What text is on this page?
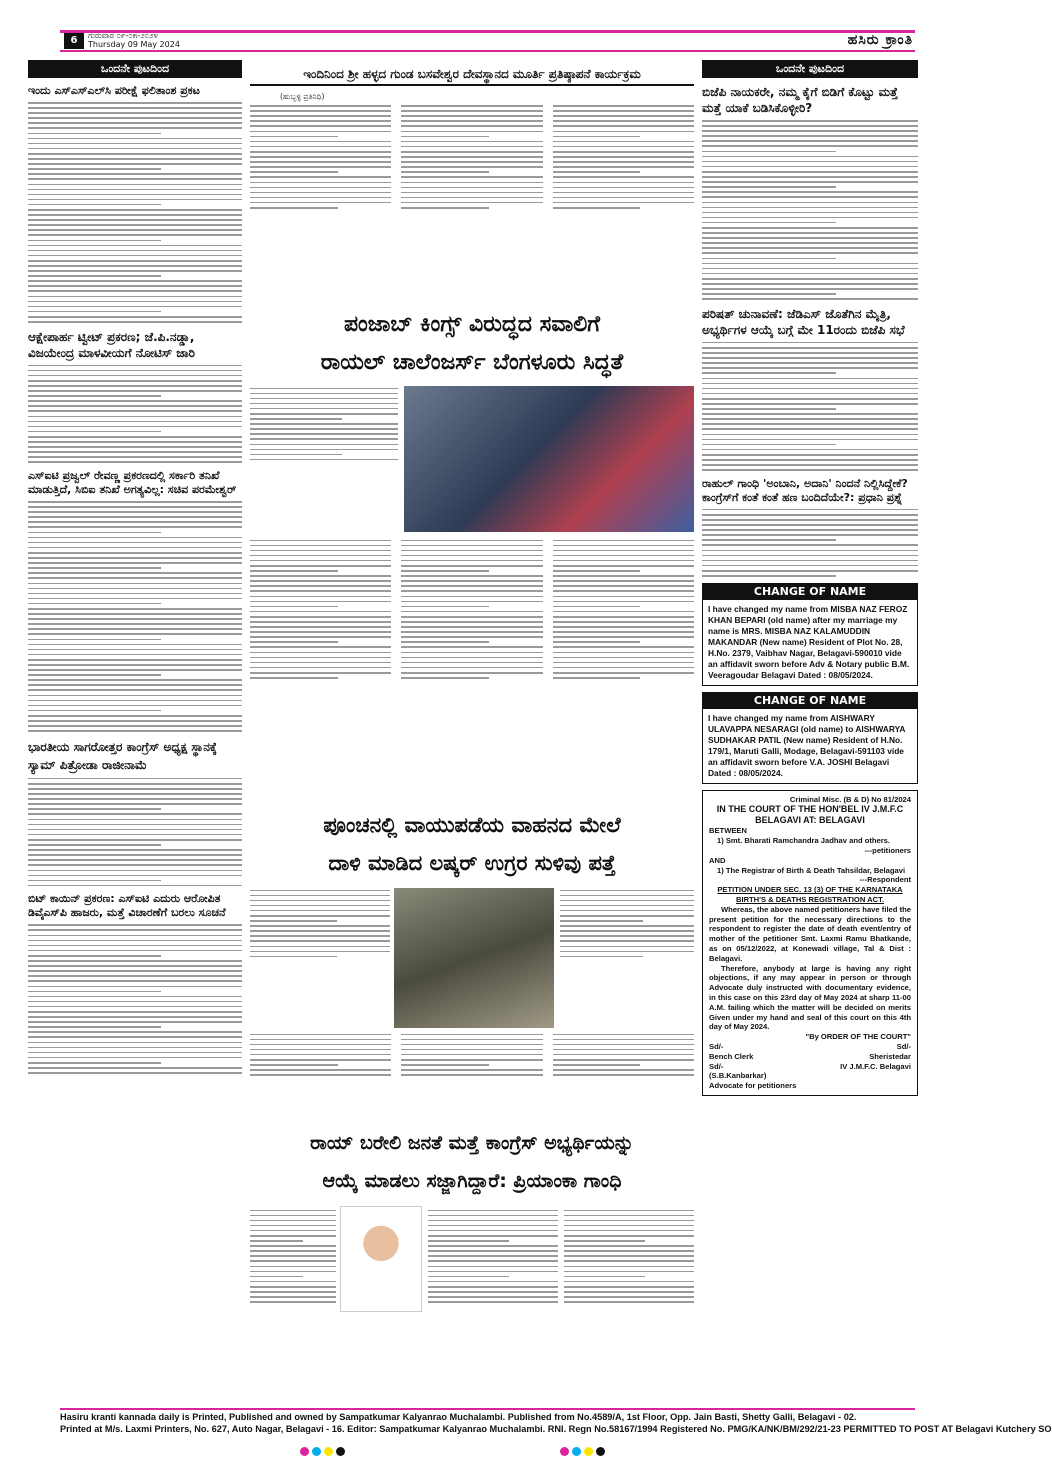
6	ಗುರುವಾರ ೦೯-೦೫-೨೦೨೪
Thursday 09 May 2024	ಹಸಿರು ಕ್ರಾಂತಿ
ಒಂದನೇ ಪುಟದಿಂದ
ಇಂದು ಎಸ್‌ಎಸ್‌ಎಲ್‌ಸಿ ಪರೀಕ್ಷೆ ಫಲಿತಾಂಶ ಪ್ರಕಟ
ಆಕ್ಷೇಪಾರ್ಹ ಟ್ವೀಟ್ ಪ್ರಕರಣ; ಜೆ.ಪಿ.ನಡ್ಡಾ, ವಿಜಯೇಂದ್ರ ಮಾಳವೀಯಗೆ ನೋಟಿಸ್ ಜಾರಿ
ಎಸ್‌ಐಟಿ ಪ್ರಜ್ವಲ್ ರೇವಣ್ಣ ಪ್ರಕರಣದಲ್ಲಿ ಸರ್ಕಾರಿ ತನಿಖೆ ಮಾಡುತ್ತಿದೆ, ಸಿಬಿಐ ತನಿಖೆ ಅಗತ್ಯವಿಲ್ಲ: ಸಚಿವ ಪರಮೇಶ್ವರ್
ಭಾರತೀಯ ಸಾಗರೋತ್ತರ ಕಾಂಗ್ರೆಸ್ ಅಧ್ಯಕ್ಷ ಸ್ಥಾನಕ್ಕೆ ಸ್ಯಾಮ್ ಪಿತ್ರೋಡಾ ರಾಜೀನಾಮೆ
ಬಿಟ್ ಕಾಯಿನ್ ಪ್ರಕರಣ: ಎಸ್‌ಐಟಿ ಎದುರು ಆರೋಪಿತ ಡಿವೈಎಸ್‌ಪಿ ಹಾಜರು, ಮತ್ತೆ ವಿಚಾರಣೆಗೆ ಬರಲು ಸೂಚನೆ
ಇಂದಿನಿಂದ ಶ್ರೀ ಹಳ್ಳದ ಗುಂಡ ಬಸವೇಶ್ವರ ದೇವಸ್ಥಾನದ ಮೂರ್ತಿ ಪ್ರತಿಷ್ಠಾಪನೆ ಕಾರ್ಯಕ್ರಮ
(ಹುಬ್ಬಳ್ಳಿ ಪ್ರತಿನಿಧಿ)
ಪಂಜಾಬ್ ಕಿಂಗ್ಸ್ ವಿರುದ್ಧದ ಸವಾಲಿಗೆ
ರಾಯಲ್ ಚಾಲೆಂಜರ್ಸ್ ಬೆಂಗಳೂರು ಸಿದ್ಧತೆ
ಪೂಂಚನಲ್ಲಿ ವಾಯುಪಡೆಯ ವಾಹನದ ಮೇಲೆ
ದಾಳಿ ಮಾಡಿದ ಲಷ್ಕರ್ ಉಗ್ರರ ಸುಳಿವು ಪತ್ತೆ
ರಾಯ್ ಬರೇಲಿ ಜನತೆ ಮತ್ತೆ ಕಾಂಗ್ರೆಸ್ ಅಭ್ಯರ್ಥಿಯನ್ನು
ಆಯ್ಕೆ ಮಾಡಲು ಸಜ್ಜಾಗಿದ್ದಾರೆ: ಪ್ರಿಯಾಂಕಾ ಗಾಂಧಿ
ಒಂದನೇ ಪುಟದಿಂದ
ಬಿಜೆಪಿ ನಾಯಕರೇ, ನಮ್ಮ ಕೈಗೆ ಬಿಡಿಗೆ ಕೊಟ್ಟು ಮತ್ತೆ ಮತ್ತೆ ಯಾಕೆ ಬಡಿಸಿಕೊಳ್ಳೀರಿ?
ಪರಿಷತ್ ಚುನಾವಣೆ: ಜೆಡಿಎಸ್ ಜೊತೆಗಿನ ಮೈತ್ರಿ, ಅಭ್ಯರ್ಥಿಗಳ ಆಯ್ಕೆ ಬಗ್ಗೆ ಮೇ 11ರಂದು ಬಿಜೆಪಿ ಸಭೆ
ರಾಹುಲ್ ಗಾಂಧಿ 'ಅಂಬಾನಿ, ಅದಾನಿ' ನಿಂದನೆ ನಿಲ್ಲಿಸಿದ್ದೇಕೆ? ಕಾಂಗ್ರೆಸ್‌ಗೆ ಕಂತೆ ಕಂತೆ ಹಣ ಬಂದಿದೆಯೇ?: ಪ್ರಧಾನಿ ಪ್ರಶ್ನೆ
CHANGE OF NAME
I have changed my name from MISBA NAZ FEROZ KHAN BEPARI (old name) after my marriage my name is MRS. MISBA NAZ KALAMUDDIN MAKANDAR (New name) Resident of Plot No. 28, H.No. 2379, Vaibhav Nagar, Belagavi-590010 vide an affidavit sworn before Adv & Notary public B.M. Veeragoudar Belagavi Dated : 08/05/2024.
CHANGE OF NAME
I have changed my name from AISHWARY ULAVAPPA NESARAGI (old name) to AISHWARYA SUDHAKAR PATIL (New name) Resident of H.No. 179/1, Maruti Galli, Modage, Belagavi-591103 vide an affidavit sworn before V.A. JOSHI Belagavi Dated : 08/05/2024.
Criminal Misc. (B & D) No 81/2024
IN THE COURT OF THE HON'BEL IV J.M.F.C BELAGAVI AT: BELAGAVI
BETWEEN
1) Smt. Bharati Ramchandra Jadhav and others.
---petitioners
AND
1) The Registrar of Birth & Death Tahsildar, Belagavi
---Respondent
PETITION UNDER SEC. 13 (3) OF THE KARNATAKA BIRTH'S & DEATHS REGISTRATION ACT.
Whereas, the above named petitioners have filed the present petition for the necessary directions to the respondent to register the date of death event/entry of mother of the petitioner Smt. Laxmi Ramu Bhatkande, as on 05/12/2022, at Konewadi village, Tal & Dist : Belagavi.
Therefore, anybody at large is having any right objections, if any may appear in person or through Advocate duly instructed with documentary evidence, in this case on this 23rd day of May 2024 at sharp 11-00 A.M. failing which the matter will be decided on merits Given under my hand and seal of this court on this 4th day of May 2024.
"By ORDER OF THE COURT"
Sd/-	Sd/-
Bench Clerk	Sheristedar
Sd/-	IV J.M.F.C. Belagavi
(S.B.Kanbarkar)
Advocate for petitioners
Hasiru kranti kannada daily is Printed, Published and owned by Sampatkumar Kalyanrao Muchalambi. Published from No.4589/A, 1st Floor, Opp. Jain Basti, Shetty Galli, Belagavi - 02.
Printed at M/s. Laxmi Printers, No. 627, Auto Nagar, Belagavi - 16. Editor: Sampatkumar Kalyanrao Muchalambi. RNI. Regn No.58167/1994 Registered No. PMG/KA/NK/BM/292/21-23 PERMITTED TO POST AT Belagavi Kutchery SO
